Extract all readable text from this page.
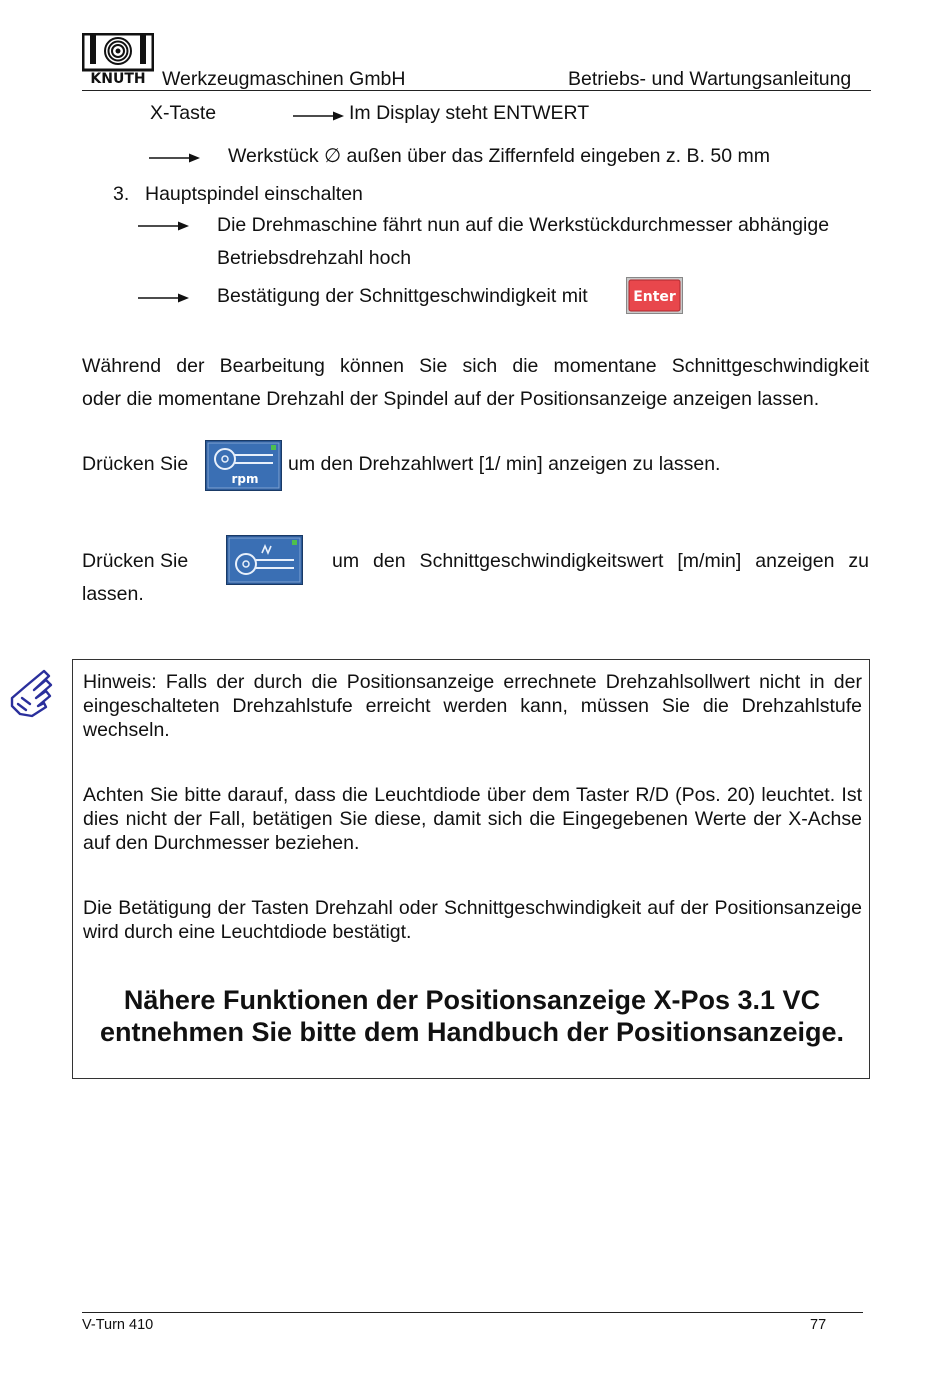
KNUTH Werkzeugmaschinen GmbH	Betriebs- und Wartungsanleitung
X-Taste	Im Display steht ENTWERT
Werkstück ∅ außen über das Ziffernfeld eingeben z. B. 50 mm
3. Hauptspindel einschalten
Die Drehmaschine fährt nun auf die Werkstückdurchmesser abhängige
Betriebsdrehzahl hoch
Bestätigung der Schnittgeschwindigkeit mit	Enter
Während der Bearbeitung können Sie sich die momentane Schnittgeschwindigkeit
oder die momentane Drehzahl der Spindel auf der Positionsanzeige anzeigen lassen.
Drücken Sie
rpm
um den Drehzahlwert [1/ min] anzeigen zu lassen.
Drücken Sie	um den Schnittgeschwindigkeitswert [m/min] anzeigen zu
lassen.
Hinweis: Falls der durch die Positionsanzeige errechnete Drehzahlsollwert nicht in der eingeschalteten Drehzahlstufe erreicht werden kann, müssen Sie die Drehzahlstufe wechseln.
Achten Sie bitte darauf, dass die Leuchtdiode über dem Taster R/D (Pos. 20) leuchtet. Ist dies nicht der Fall, betätigen Sie diese, damit sich die Eingegebenen Werte der X-Achse auf den Durchmesser beziehen.
Die Betätigung der Tasten Drehzahl oder Schnittgeschwindigkeit auf der Positionsanzeige wird durch eine Leuchtdiode bestätigt.
Nähere Funktionen der Positionsanzeige X-Pos 3.1 VC
entnehmen Sie bitte dem Handbuch der Positionsanzeige.
V-Turn 410	77
